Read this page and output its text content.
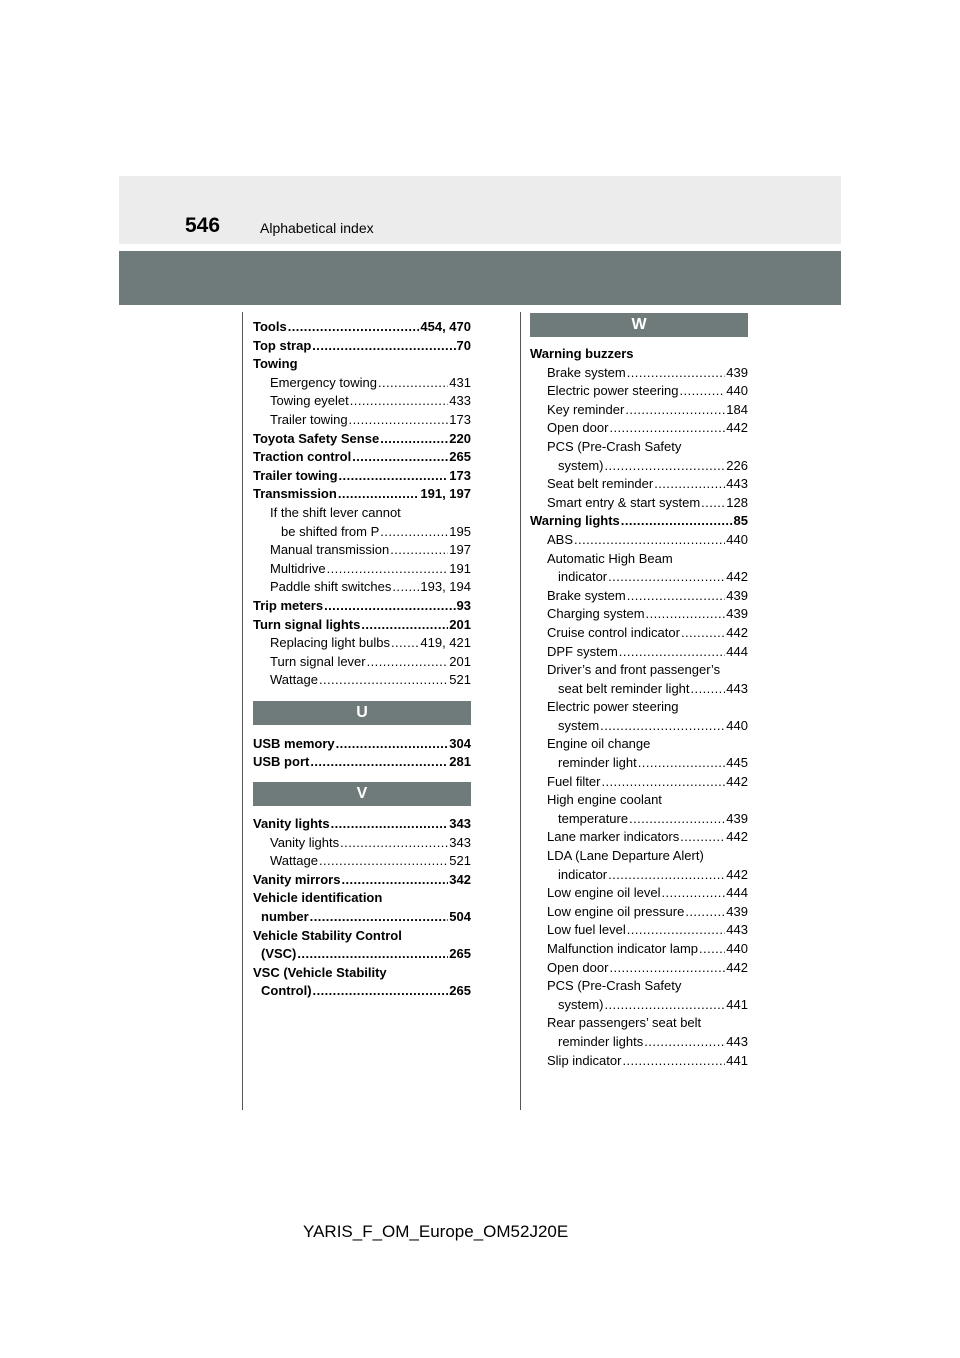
546	Alphabetical index
Tools . . .	454, 470
Top strap . . .	70
Towing
Emergency towing . . .	431
Towing eyelet . . .	433
Trailer towing . . .	173
Toyota Safety Sense . . .	220
Traction control . . .	265
Trailer towing . . .	173
Transmission . . .	191, 197
If the shift lever cannot
be shifted from P . . .	195
Manual transmission . . .	197
Multidrive . . .	191
Paddle shift switches . . . 193, 194
Trip meters . . .	93
Turn signal lights . . .	201
Replacing light bulbs . . . 419, 421
Turn signal lever . . .	201
Wattage . . .	521
U
USB memory . . .	304
USB port . . .	281
V
Vanity lights . . .	343
Vanity lights . . .	343
Wattage . . .	521
Vanity mirrors . . .	342
Vehicle identification
number . . .	504
Vehicle Stability Control
(VSC) . . .	265
VSC (Vehicle Stability
Control) . . .	265
W
Warning buzzers
Brake system . . .	439
Electric power steering . . .	440
Key reminder . . .	184
Open door . . .	442
PCS (Pre-Crash Safety
system) . . .	226
Seat belt reminder . . .	443
Smart entry & start system . . . 128
Warning lights . . .	85
ABS . . .	440
Automatic High Beam
indicator . . .	442
Brake system . . .	439
Charging system . . .	439
Cruise control indicator . . .	442
DPF system . . .	444
Driver’s and front passenger’s
seat belt reminder light . . .	443
Electric power steering
system . . .	440
Engine oil change
reminder light . . .	445
Fuel filter . . .	442
High engine coolant
temperature . . .	439
Lane marker indicators . . .	442
LDA (Lane Departure Alert)
indicator . . .	442
Low engine oil level . . .	444
Low engine oil pressure . . .	439
Low fuel level . . .	443
Malfunction indicator lamp . . . 440
Open door . . .	442
PCS (Pre-Crash Safety
system) . . .	441
Rear passengers’ seat belt
reminder lights . . .	443
Slip indicator . . .	441
YARIS_F_OM_Europe_OM52J20E
